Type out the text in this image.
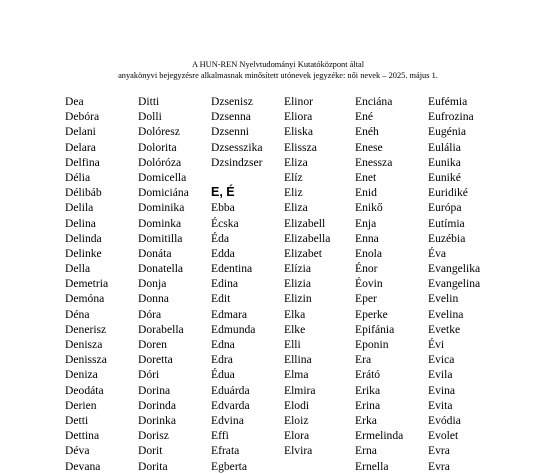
A HUN-REN Nyelvtudományi Kutatóközpont által
anyakönyvi bejegyzésre alkalmasnak minősített utónevek jegyzéke: női nevek – 2025. május 1.
Dea
Debóra
Delani
Delara
Delfina
Délia
Délibáb
Delila
Delina
Delinda
Delinke
Della
Demetria
Demóna
Déna
Denerisz
Denisza
Denissza
Deniza
Deodáta
Derien
Detti
Dettina
Déva
Devana
Ditti
Dolli
Dolóresz
Dolorita
Dolóróza
Domicella
Domiciána
Dominika
Dominka
Domitilla
Donáta
Donatella
Donja
Donna
Dóra
Dorabella
Doren
Doretta
Dóri
Dorina
Dorinda
Dorinka
Dorisz
Dorit
Dorita
Dzsenisz
Dzsenna
Dzsenni
Dzsesszika
Dzsindzser
E, É
Ebba
Écska
Éda
Edda
Edentina
Edina
Edit
Edmara
Edmunda
Edna
Edra
Édua
Eduárda
Edvarda
Edvina
Effi
Efrata
Egberta
Elinor
Eliora
Eliska
Elissza
Eliza
Elíz
Eliz
Eliza
Elizabell
Elizabella
Elizabet
Elízia
Elizia
Elizin
Elka
Elke
Elli
Ellina
Elma
Elmira
Elodi
Eloiz
Elora
Elvira
Enciána
Ené
Enéh
Enese
Enessza
Enet
Enid
Enikő
Enja
Enna
Enola
Énor
Éovin
Eper
Eperke
Epifánia
Eponin
Era
Erátó
Erika
Erina
Erka
Ermelinda
Erna
Ernella
Eufémia
Eufrozina
Eugénia
Eulália
Eunika
Euniké
Euridiké
Európa
Eutímia
Euzébia
Éva
Evangelika
Evangelina
Evelin
Evelina
Evetke
Évi
Evica
Evila
Evina
Evita
Evódia
Evolet
Evra
Evra
